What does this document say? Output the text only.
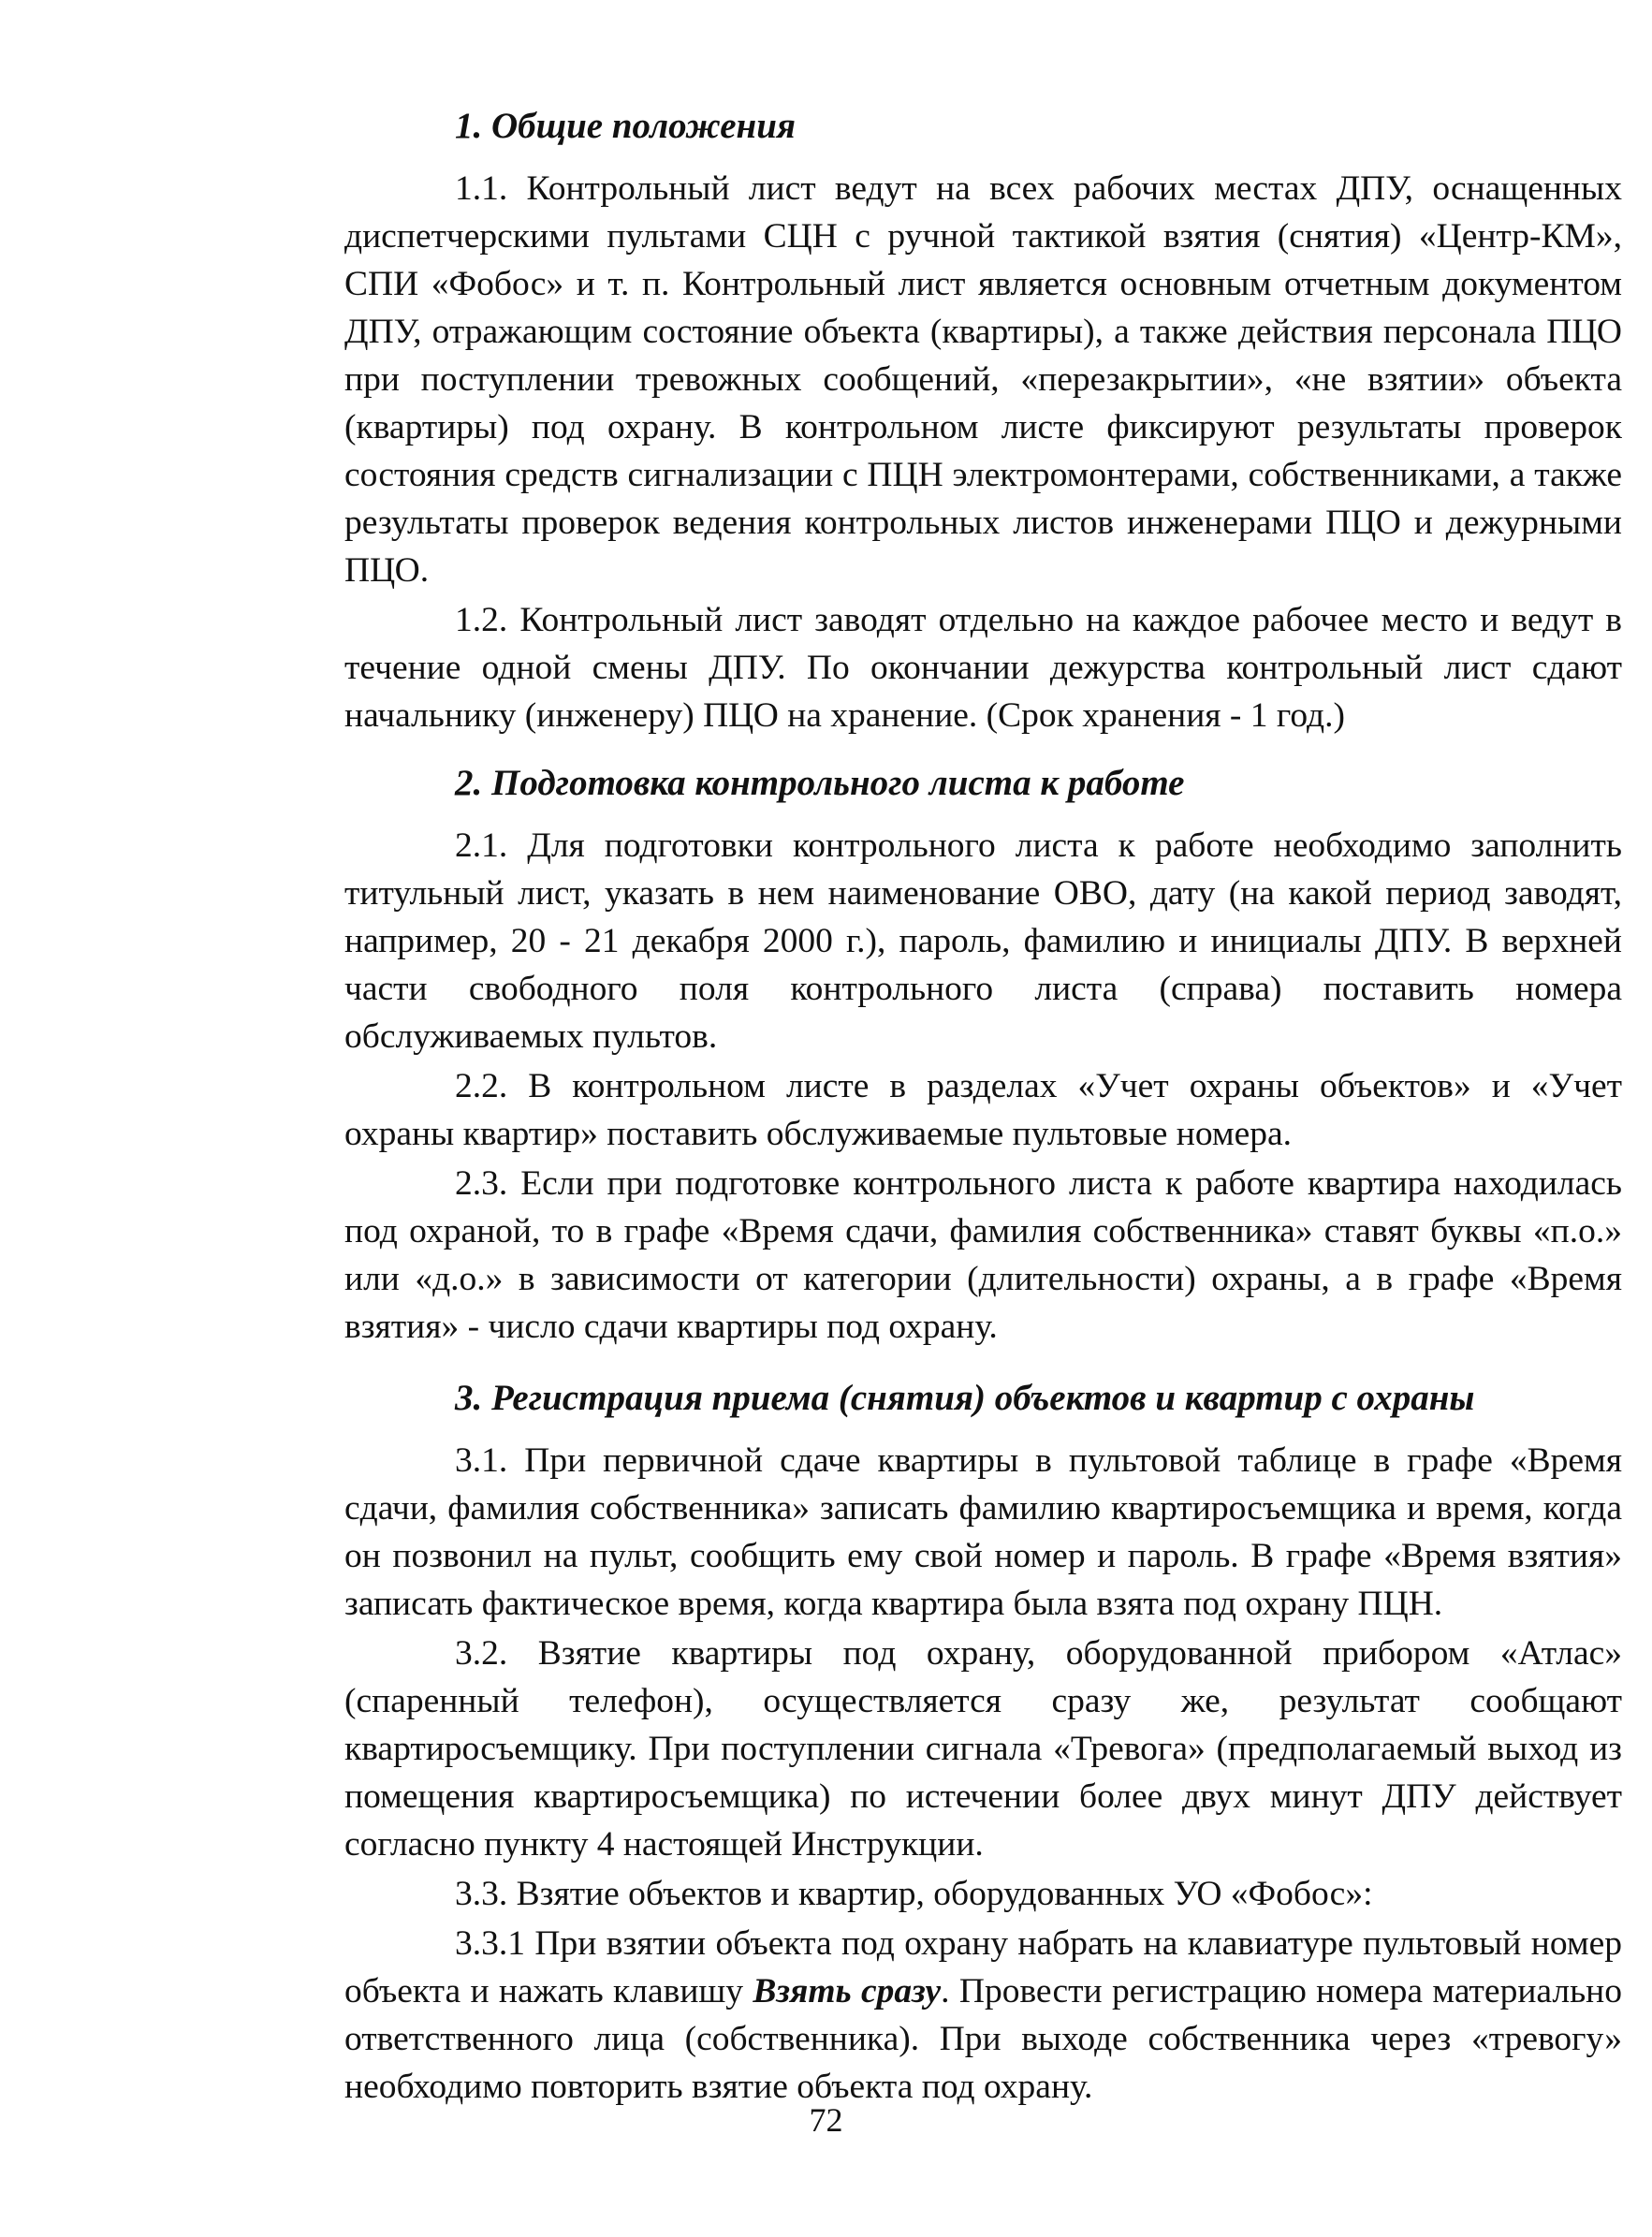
1. Общие положения

1.1. Контрольный лист ведут на всех рабочих местах ДПУ, оснащенных диспетчерскими пультами СЦН с ручной тактикой взятия (снятия) «Центр-КМ», СПИ «Фобос» и т. п. Контрольный лист является основным отчетным документом ДПУ, отражающим состояние объекта (квартиры), а также действия персонала ПЦО при поступлении тревожных сообщений, «перезакрытии», «не взятии» объекта (квартиры) под охрану. В контрольном листе фиксируют результаты проверок состояния средств сигнализации с ПЦН электромонтерами, собственниками, а также результаты проверок ведения контрольных листов инженерами ПЦО и дежурными ПЦО.

1.2. Контрольный лист заводят отдельно на каждое рабочее место и ведут в течение одной смены ДПУ. По окончании дежурства контрольный лист сдают начальнику (инженеру) ПЦО на хранение. (Срок хранения - 1 год.)

2. Подготовка контрольного листа к работе

2.1. Для подготовки контрольного листа к работе необходимо заполнить титульный лист, указать в нем наименование ОВО, дату (на какой период заводят, например, 20 - 21 декабря 2000 г.), пароль, фамилию и инициалы ДПУ. В верхней части свободного поля контрольного листа (справа) поставить номера обслуживаемых пультов.

2.2. В контрольном листе в разделах «Учет охраны объектов» и «Учет охраны квартир» поставить обслуживаемые пультовые номера.

2.3. Если при подготовке контрольного листа к работе квартира находилась под охраной, то в графе «Время сдачи, фамилия собственника» ставят буквы «п.о.» или «д.о.» в зависимости от категории (длительности) охраны, а в графе «Время взятия» - число сдачи квартиры под охрану.

3. Регистрация приема (снятия) объектов и квартир с охраны

3.1. При первичной сдаче квартиры в пультовой таблице в графе «Время сдачи, фамилия собственника» записать фамилию квартиросъемщика и время, когда он позвонил на пульт, сообщить ему свой номер и пароль. В графе «Время взятия» записать фактическое время, когда квартира была взята под охрану ПЦН.

3.2. Взятие квартиры под охрану, оборудованной прибором «Атлас» (спаренный телефон), осуществляется сразу же, результат сообщают квартиросъемщику. При поступлении сигнала «Тревога» (предполагаемый выход из помещения квартиросъемщика) по истечении более двух минут ДПУ действует согласно пункту 4 настоящей Инструкции.

3.3. Взятие объектов и квартир, оборудованных УО «Фобос»:

3.3.1 При взятии объекта под охрану набрать на клавиатуре пультовый номер объекта и нажать клавишу Взять сразу. Провести регистрацию номера материально ответственного лица (собственника). При выходе собственника через «тревогу» необходимо повторить взятие объекта под охрану.

72
